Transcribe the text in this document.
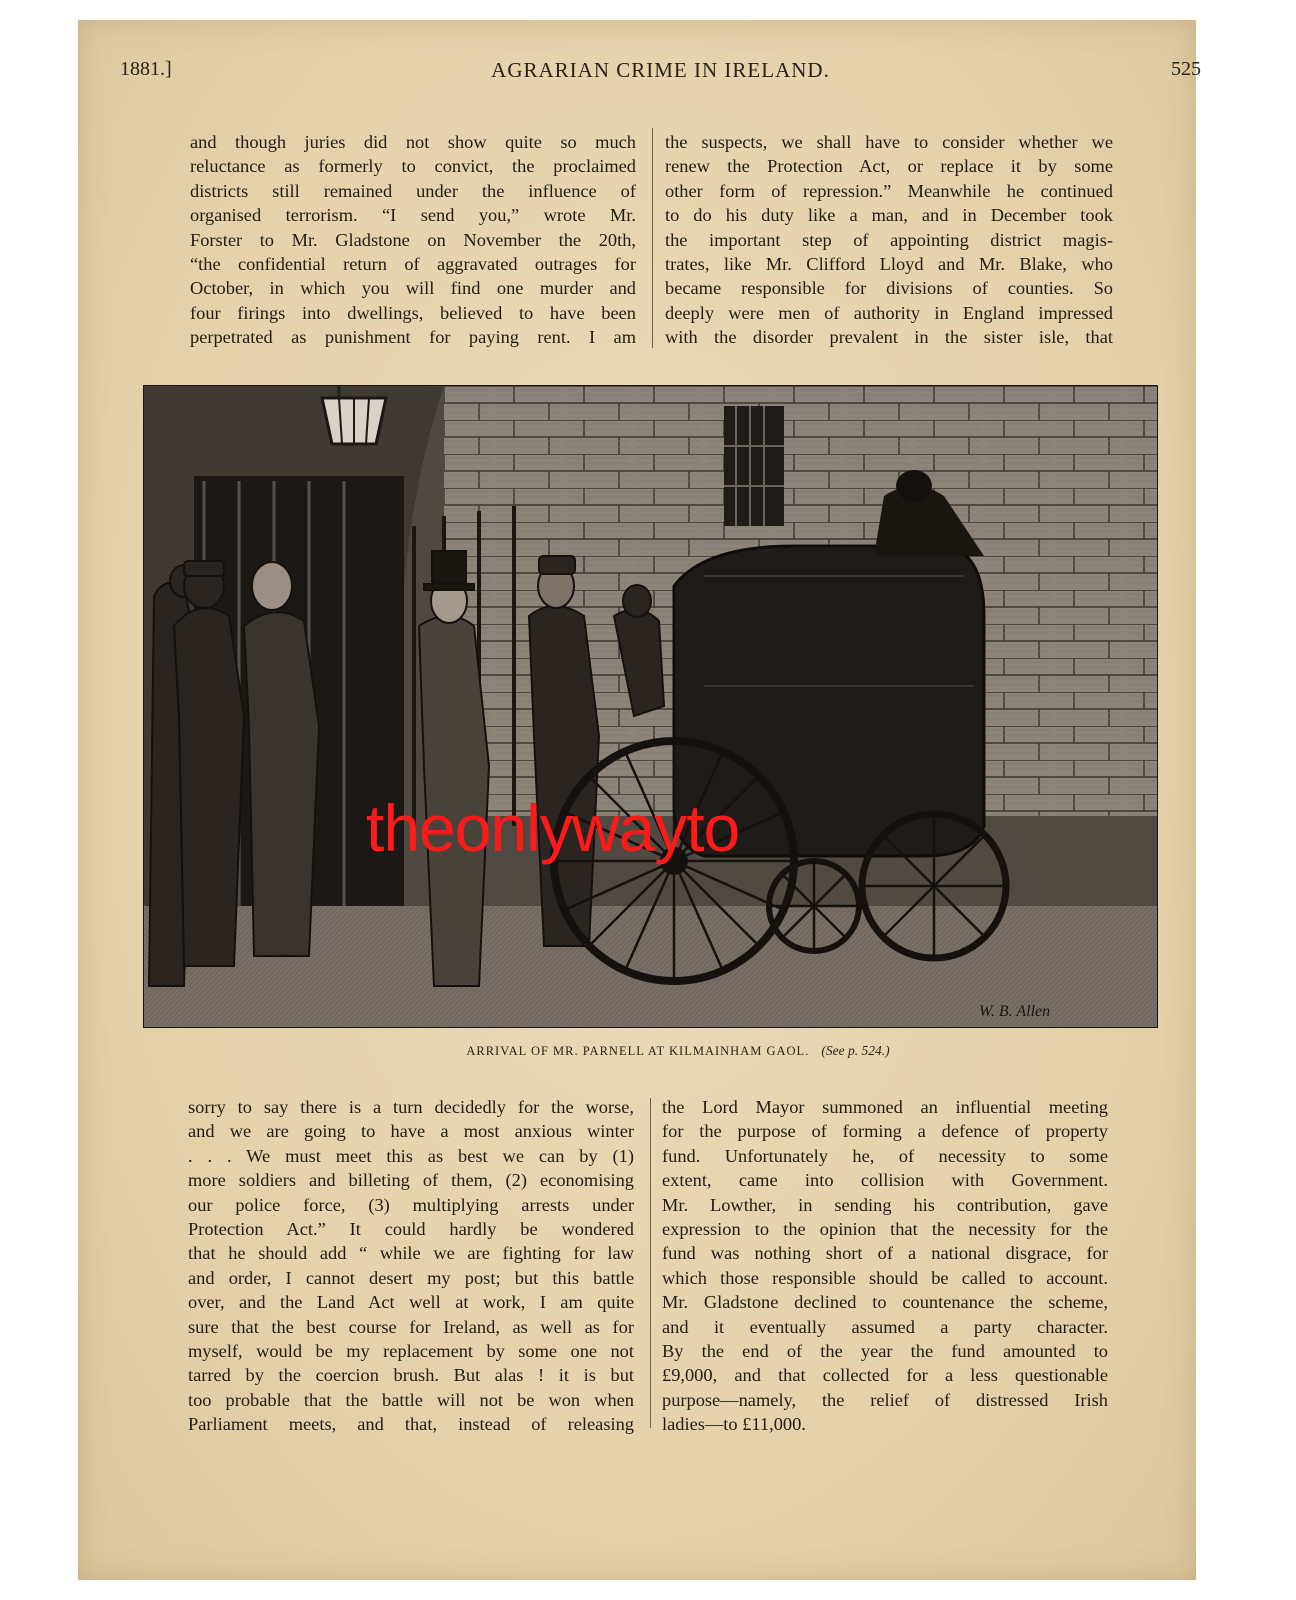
1881.]	AGRARIAN CRIME IN IRELAND.	525

and though juries did not show quite so much

reluctance as formerly to convict, the proclaimed

districts still remained under the influence of

organised terrorism. “I send you,” wrote Mr.

Forster to Mr. Gladstone on November the 20th,

“the confidential return of aggravated outrages for

October, in which you will find one murder and

four firings into dwellings, believed to have been

perpetrated as punishment for paying rent. I am

the suspects, we shall have to consider whether we

renew the Protection Act, or replace it by some

other form of repression.” Meanwhile he continued

to do his duty like a man, and in December took

the important step of appointing district magis-

trates, like Mr. Clifford Lloyd and Mr. Blake, who

became responsible for divisions of counties. So

deeply were men of authority in England impressed

with the disorder prevalent in the sister isle, that

W. B. Allen
ARRIVAL OF MR. PARNELL AT KILMAINHAM GAOL. (See p. 524.)
theonlywayto

sorry to say there is a turn decidedly for the worse,

and we are going to have a most anxious winter

. . . We must meet this as best we can by (1)

more soldiers and billeting of them, (2) economising

our police force, (3) multiplying arrests under

Protection Act.” It could hardly be wondered

that he should add “ while we are fighting for law

and order, I cannot desert my post; but this battle

over, and the Land Act well at work, I am quite

sure that the best course for Ireland, as well as for

myself, would be my replacement by some one not

tarred by the coercion brush. But alas ! it is but

too probable that the battle will not be won when

Parliament meets, and that, instead of releasing

the Lord Mayor summoned an influential meeting

for the purpose of forming a defence of property

fund. Unfortunately he, of necessity to some

extent, came into collision with Government.

Mr. Lowther, in sending his contribution, gave

expression to the opinion that the necessity for the

fund was nothing short of a national disgrace, for

which those responsible should be called to account.

Mr. Gladstone declined to countenance the scheme,

and it eventually assumed a party character.

By the end of the year the fund amounted to

£9,000, and that collected for a less questionable

purpose—namely, the relief of distressed Irish

ladies—to £11,000.
